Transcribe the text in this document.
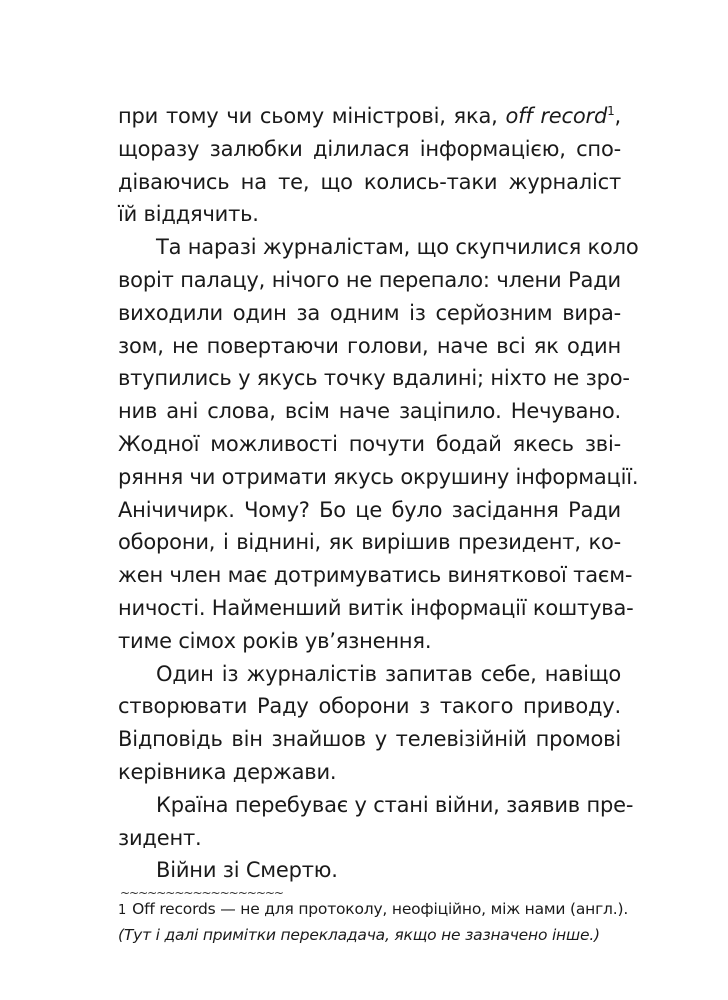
при тому чи сьому міністрові, яка, off record$^1$,
щоразу залюбки ділилася інформацією, спо-
діваючись на те, що колись-таки журналіст
їй віддячить.
Та наразі журналістам, що скупчилися коло
воріт палацу, нічого не перепало: члени Ради
виходили один за одним із серйозним вира-
зом, не повертаючи голови, наче всі як один
втупились у якусь точку вдалині; ніхто не зро-
нив ані слова, всім наче заціпило. Нечувано.
Жодної можливості почути бодай якесь зві-
ряння чи отримати якусь окрушину інформації.
Анічичирк. Чому? Бо це було засідання Ради
оборони, і віднині, як вирішив президент, ко-
жен член має дотримуватись виняткової таєм-
ничості. Найменший витік інформації коштува-
тиме сімох років ув’язнення.
Один із журналістів запитав себе, навіщо
створювати Раду оборони з такого приводу.
Відповідь він знайшов у телевізійній промові
керівника держави.
Країна перебуває у стані війни, заявив пре-
зидент.
Війни зі Смертю.
~~~~~~~~~~~~~~~~~~
1 Off records — не для протоколу, неофіційно, між нами (англ.).
(Тут і далі примітки перекладача, якщо не зазначено інше.)
